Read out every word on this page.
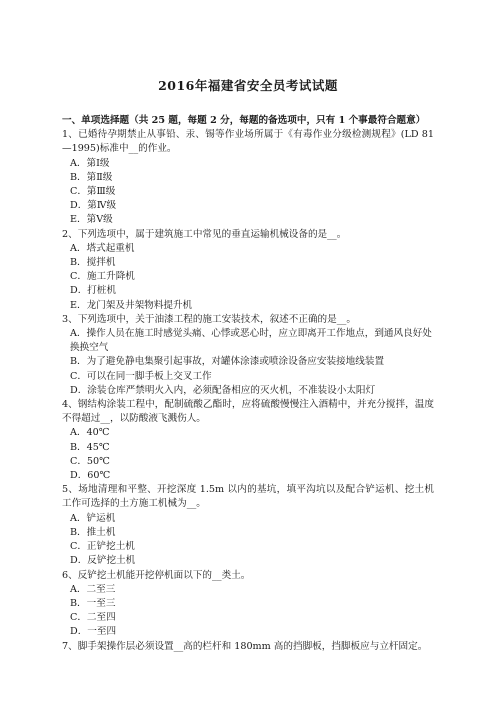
2016年福建省安全员考试试题

一、单项选择题（共 25 题，每题 2 分，每题的备选项中，只有 1 个事最符合题意）

1、已婚待孕期禁止从事铅、汞、锡等作业场所属于《有毒作业分级检测规程》(LD 81—1995)标准中__的作业。

A．第Ⅰ级
B．第Ⅱ级
C．第Ⅲ级
D．第Ⅳ级
E．第Ⅴ级

2、下列选项中，属于建筑施工中常见的垂直运输机械设备的是__。

A．塔式起重机
B．搅拌机
C．施工升降机
D．打桩机
E．龙门架及井架物料提升机

3、下列选项中，关于油漆工程的施工安装技术，叙述不正确的是__。

A．操作人员在施工时感觉头痛、心悸或恶心时，应立即离开工作地点，到通风良好处换换空气
B．为了避免静电集聚引起事故，对罐体涂漆或喷涂设备应安装接地线装置
C．可以在同一脚手板上交叉工作
D．涂装仓库严禁明火入内，必须配备相应的灭火机，不准装设小太阳灯

4、钢结构涂装工程中，配制硫酸乙酯时，应将硫酸慢慢注入酒精中，并充分搅拌，温度不得超过__，以防酸液飞溅伤人。

A．40℃
B．45℃
C．50℃
D．60℃

5、场地清理和平整、开挖深度 1.5m 以内的基坑，填平沟坑以及配合铲运机、挖土机工作可选择的土方施工机械为__。

A．铲运机
B．推土机
C．正铲挖土机
D．反铲挖土机

6、反铲挖土机能开挖停机面以下的__类土。

A．二至三
B．一至三
C．二至四
D．一至四

7、脚手架操作层必须设置__高的栏杆和 180mm 高的挡脚板，挡脚板应与立杆固定。
